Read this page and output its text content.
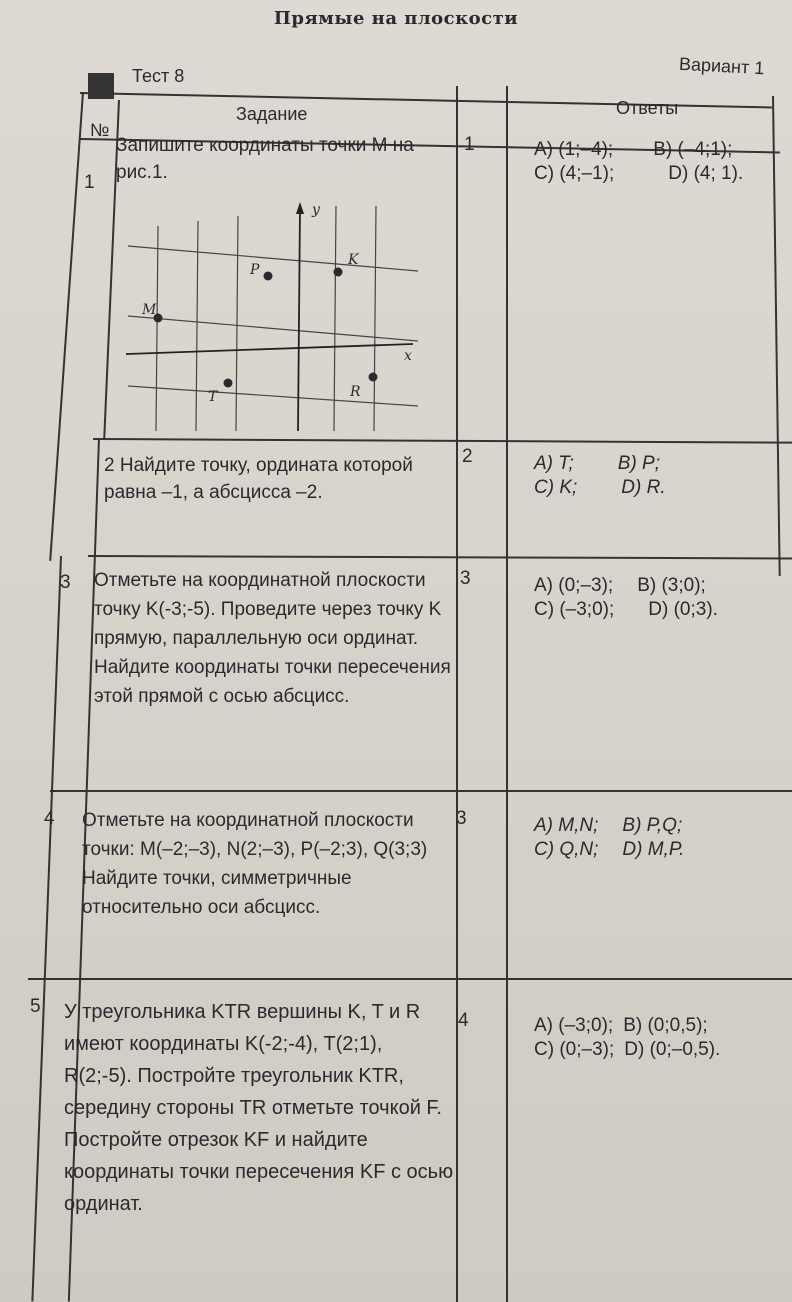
Прямые на плоскости
Тест 8	Вариант 1
№
Задание	Ответы
1
Запишите координаты точки M на рис.1.
1	А) (1;–4); В) (–4;1);
С) (4;–1);	D) (4; 1).
y
x
P
K
M
T	R
2 Найдите точку, ордината которой равна –1, а абсцисса –2.
2	А) T; В) P;
С) K; D) R.
3 Отметьте на координатной плоскости точку K(-3;-5). Проведите через точку K прямую, параллельную оси ординат. Найдите координаты точки пересечения этой прямой с осью абсцисс.
3	А) (0;–3); В) (3;0);
С) (–3;0); D) (0;3).
4 Отметьте на координатной плоскости точки: M(–2;–3), N(2;–3), P(–2;3), Q(3;3) Найдите точки, симметричные относительно оси абсцисс.
3	А) M,N; В) P,Q;
С) Q,N; D) M,P.
5 У треугольника KTR вершины K, T и R имеют координаты K(-2;-4), T(2;1), R(2;-5). Постройте треугольник KTR, середину стороны TR отметьте точкой F. Постройте отрезок KF и найдите координаты точки пересечения KF с осью ординат.
4	А) (–3;0); В) (0;0,5);
С) (0;–3); D) (0;–0,5).
